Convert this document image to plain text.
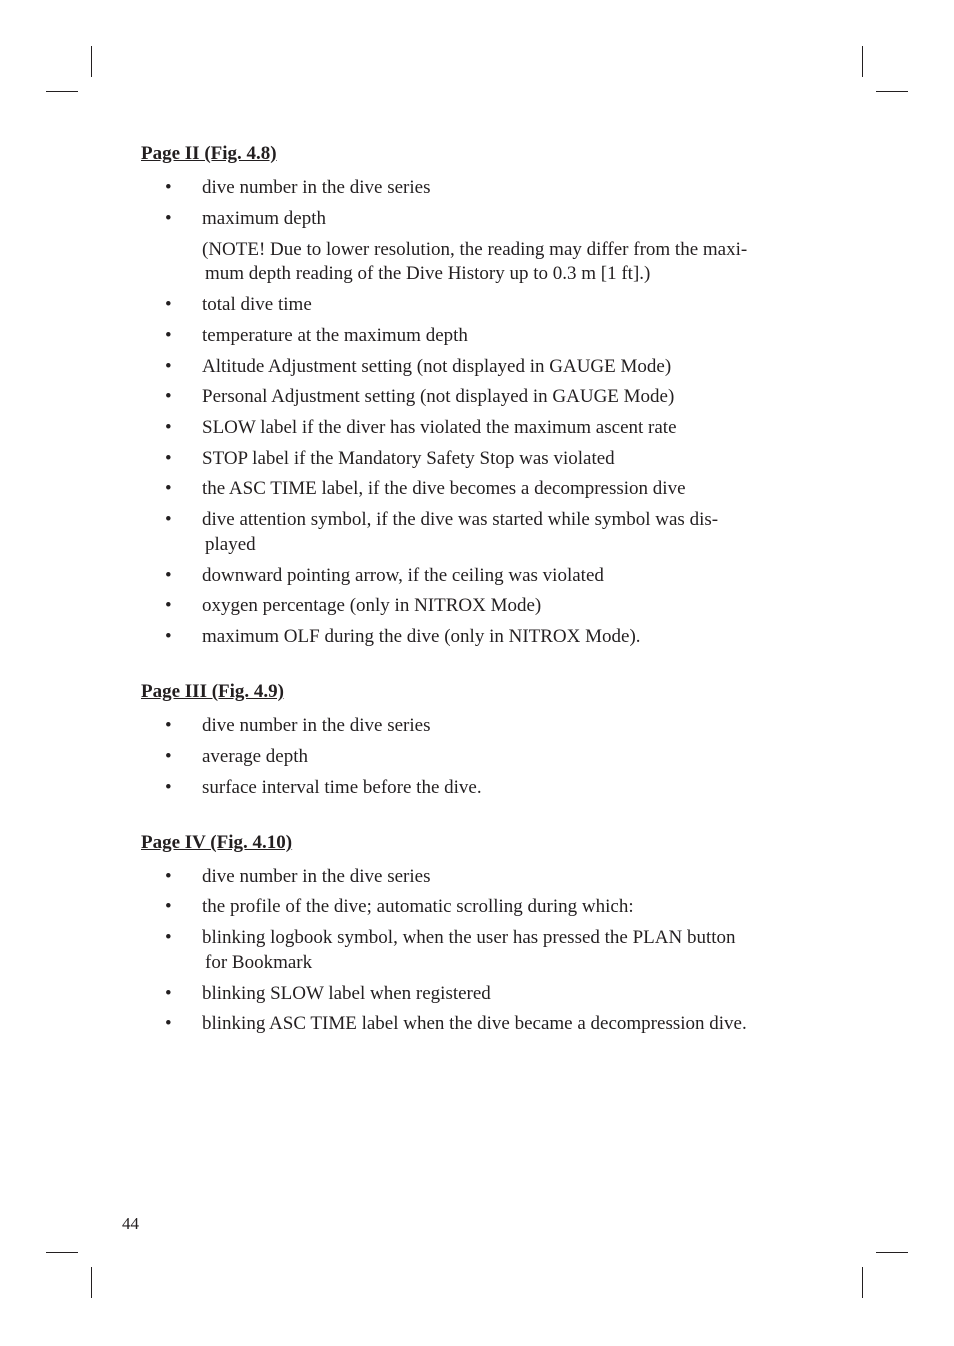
Page II (Fig. 4.8)
• dive number in the dive series
• maximum depth
• total dive time
• temperature at the maximum depth
• Altitude Adjustment setting (not displayed in GAUGE Mode)
• Personal Adjustment setting (not displayed in GAUGE Mode)
• SLOW label if the diver has violated the maximum ascent rate
• STOP label if the Mandatory Safety Stop was violated
• the ASC TIME label, if the dive becomes a decompression dive
• dive attention symbol, if the dive was started while symbol was dis-
played
• downward pointing arrow, if the ceiling was violated
• oxygen percentage (only in NITROX Mode)
• maximum OLF during the dive (only in NITROX Mode).

(NOTE! Due to lower resolution, the reading may differ from the maxi-
mum depth reading of the Dive History up to 0.3 m [1 ft].)

Page III (Fig. 4.9)
• dive number in the dive series
• average depth
• surface interval time before the dive.
Page IV (Fig. 4.10)
• dive number in the dive series
• the profile of the dive; automatic scrolling during which:
• blinking logbook symbol, when the user has pressed the PLAN button
for Bookmark
• blinking SLOW label when registered
• blinking ASC TIME label when the dive became a decompression dive.
44
